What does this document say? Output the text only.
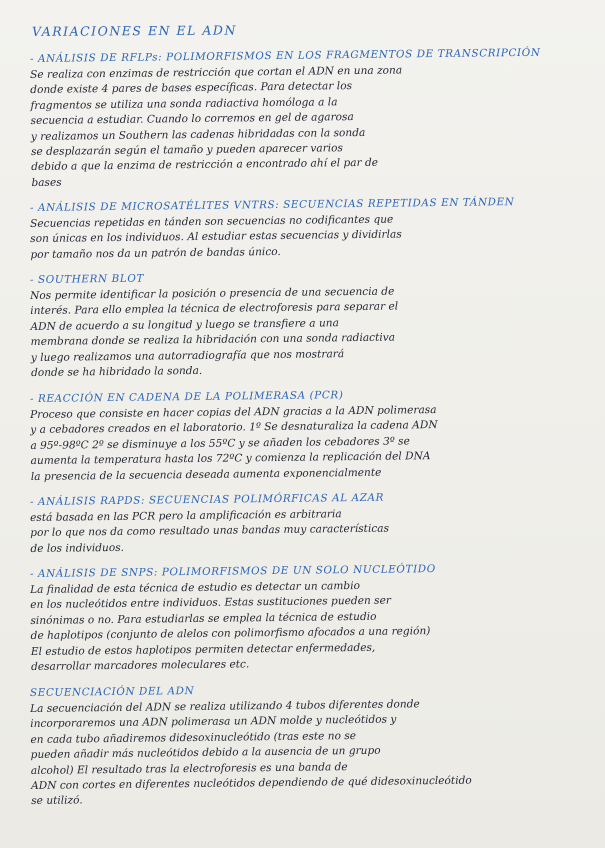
VARIACIONES EN EL ADN
- ANÁLISIS DE RFLPs: POLIMORFISMOS EN LOS FRAGMENTOS DE TRANSCRIPCIÓN
Se realiza con enzimas de restricción que cortan el ADN en una zona
donde existe 4 pares de bases específicas. Para detectar los
fragmentos se utiliza una sonda radiactiva homóloga a la
secuencia a estudiar. Cuando lo corremos en gel de agarosa
y realizamos un Southern las cadenas hibridadas con la sonda
se desplazarán según el tamaño y pueden aparecer varios
debido a que la enzima de restricción a encontrado ahí el par de
bases
- ANÁLISIS DE MICROSATÉLITES VNTRS: SECUENCIAS REPETIDAS EN TÁNDEN
Secuencias repetidas en tánden son secuencias no codificantes que
son únicas en los individuos. Al estudiar estas secuencias y dividirlas
por tamaño nos da un patrón de bandas único.
- SOUTHERN BLOT
Nos permite identificar la posición o presencia de una secuencia de
interés. Para ello emplea la técnica de electroforesis para separar el
ADN de acuerdo a su longitud y luego se transfiere a una
membrana donde se realiza la hibridación con una sonda radiactiva
y luego realizamos una autorradiografía que nos mostrará
donde se ha hibridado la sonda.
- REACCIÓN EN CADENA DE LA POLIMERASA (PCR)
Proceso que consiste en hacer copias del ADN gracias a la ADN polimerasa
y a cebadores creados en el laboratorio. 1º Se desnaturaliza la cadena ADN
a 95º-98ºC 2º se disminuye a los 55ºC y se añaden los cebadores 3º se
aumenta la temperatura hasta los 72ºC y comienza la replicación del DNA
la presencia de la secuencia deseada aumenta exponencialmente
- ANÁLISIS RAPDS: SECUENCIAS POLIMÓRFICAS AL AZAR
está basada en las PCR pero la amplificación es arbitraria
por lo que nos da como resultado unas bandas muy características
de los individuos.
- ANÁLISIS DE SNPS: POLIMORFISMOS DE UN SOLO NUCLEÓTIDO
La finalidad de esta técnica de estudio es detectar un cambio
en los nucleótidos entre individuos. Estas sustituciones pueden ser
sinónimas o no. Para estudiarlas se emplea la técnica de estudio
de haplotipos (conjunto de alelos con polimorfismo afocados a una región)
El estudio de estos haplotipos permiten detectar enfermedades,
desarrollar marcadores moleculares etc.
SECUENCIACIÓN DEL ADN
La secuenciación del ADN se realiza utilizando 4 tubos diferentes donde
incorporaremos una ADN polimerasa un ADN molde y nucleótidos y
en cada tubo añadiremos didesoxinucleótido (tras este no se
pueden añadir más nucleótidos debido a la ausencia de un grupo
alcohol) El resultado tras la electroforesis es una banda de
ADN con cortes en diferentes nucleótidos dependiendo de qué didesoxinucleótido
se utilizó.
